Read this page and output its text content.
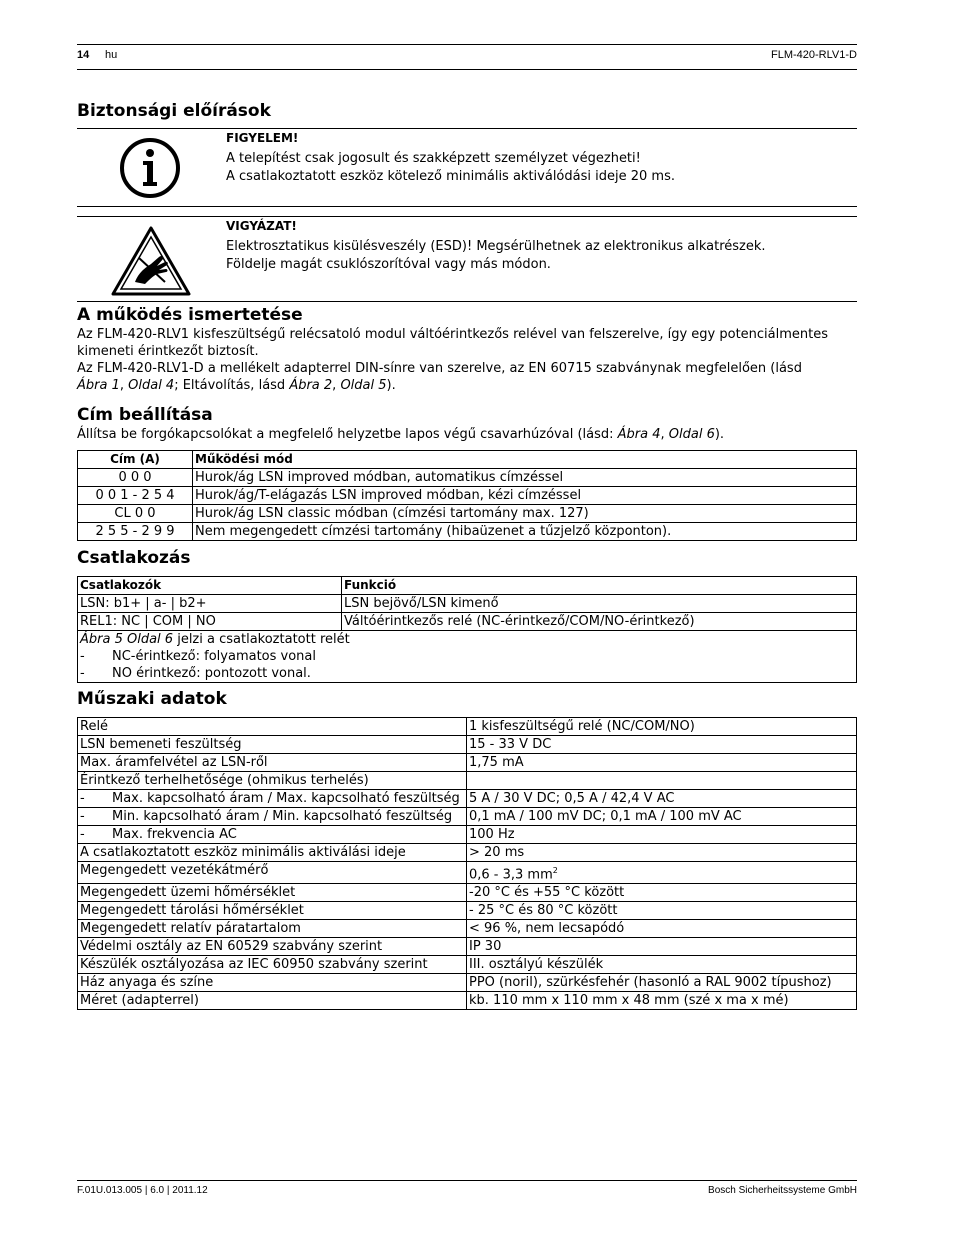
14 hu	FLM-420-RLV1-D
Biztonsági előírások
FIGYELEM!
A telepítést csak jogosult és szakképzett személyzet végezheti!
A csatlakoztatott eszköz kötelező minimális aktiválódási ideje 20 ms.
VIGYÁZAT!
Elektrosztatikus kisülésveszély (ESD)! Megsérülhetnek az elektronikus alkatrészek.
Földelje magát csuklószorítóval vagy más módon.
A működés ismertetése
Az FLM-420-RLV1 kisfeszültségű relécsatoló modul váltóérintkezős relével van felszerelve, így egy potenciálmentes
kimeneti érintkezőt biztosít.
Az FLM-420-RLV1-D a mellékelt adapterrel DIN-sínre van szerelve, az EN 60715 szabványnak megfelelően (lásd
Ábra 1, Oldal 4; Eltávolítás, lásd Ábra 2, Oldal 5).
Cím beállítása
Állítsa be forgókapcsolókat a megfelelő helyzetbe lapos végű csavarhúzóval (lásd: Ábra 4, Oldal 6).
Cím (A)	Működési mód
0 0 0	Hurok/ág LSN improved módban, automatikus címzéssel
0 0 1 - 2 5 4	Hurok/ág/T-elágazás LSN improved módban, kézi címzéssel
CL 0 0	Hurok/ág LSN classic módban (címzési tartomány max. 127)
2 5 5 - 2 9 9	Nem megengedett címzési tartomány (hibaüzenet a tűzjelző központon).
Csatlakozás
Csatlakozók	Funkció
LSN: b1+ | a- | b2+	LSN bejövő/LSN kimenő
REL1: NC | COM | NO	Váltóérintkezős relé (NC-érintkező/COM/NO-érintkező)

Ábra 5 Oldal 6 jelzi a csatlakoztatott relét
- NC-érintkező: folyamatos vonal
- NO érintkező: pontozott vonal.	
Műszaki adatok
Relé	1 kisfeszültségű relé (NC/COM/NO)
LSN bemeneti feszültség	15 - 33 V DC
Max. áramfelvétel az LSN-ről	1,75 mA
Érintkező terhelhetősége (ohmikus terhelés)	

- Max. kapcsolható áram / Max. kapcsolható feszültség	5 A / 30 V DC; 0,5 A / 42,4 V AC

- Min. kapcsolható áram / Min. kapcsolható feszültség	0,1 mA / 100 mV DC; 0,1 mA / 100 mV AC

- Max. frekvencia AC	100 Hz
A csatlakoztatott eszköz minimális aktiválási ideje	> 20 ms
Megengedett vezetékátmérő	0,6 - 3,3 $mm^2$
Megengedett üzemi hőmérséklet	-20 °C és +55 °C között
Megengedett tárolási hőmérséklet	- 25 °C és 80 °C között
Megengedett relatív páratartalom	< 96 %, nem lecsapódó
Védelmi osztály az EN 60529 szabvány szerint	IP 30
Készülék osztályozása az IEC 60950 szabvány szerint	III. osztályú készülék
Ház anyaga és színe	PPO (noril), szürkésfehér (hasonló a RAL 9002 típushoz)
Méret (adapterrel)	kb. 110 mm x 110 mm x 48 mm (szé x ma x mé)
F.01U.013.005 | 6.0 | 2011.12	Bosch Sicherheitssysteme GmbH
